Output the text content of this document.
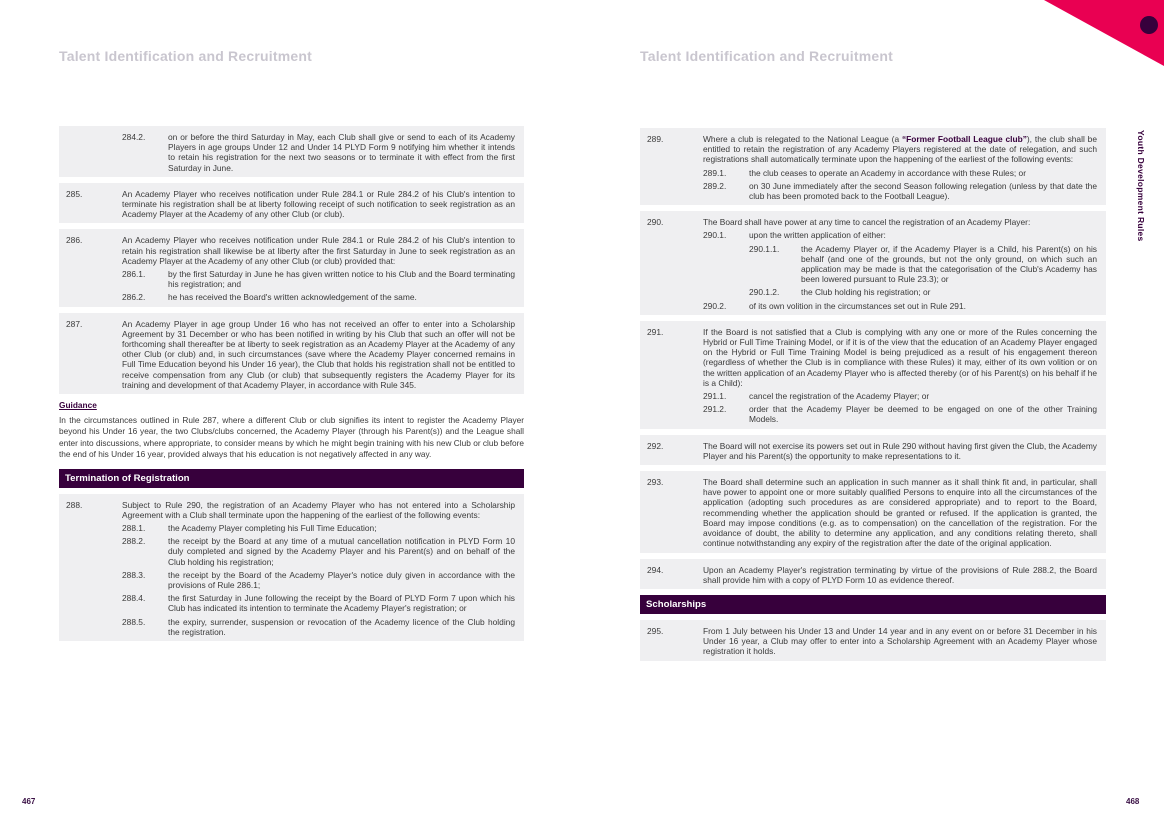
Talent Identification and Recruitment
284.2.	on or before the third Saturday in May, each Club shall give or send to each of its Academy Players in age groups Under 12 and Under 14 PLYD Form 9 notifying him whether it intends to retain his registration for the next two seasons or to terminate it with effect from the first Saturday in June.
285.	An Academy Player who receives notification under Rule 284.1 or Rule 284.2 of his Club's intention to terminate his registration shall be at liberty following receipt of such notification to seek registration as an Academy Player at the Academy of any other Club (or club).
286.	An Academy Player who receives notification under Rule 284.1 or Rule 284.2 of his Club's intention to retain his registration shall likewise be at liberty after the first Saturday in June to seek registration as an Academy Player at the Academy of any other Club (or club) provided that:
286.1.	by the first Saturday in June he has given written notice to his Club and the Board terminating his registration; and
286.2.	he has received the Board's written acknowledgement of the same.
287.	An Academy Player in age group Under 16 who has not received an offer to enter into a Scholarship Agreement by 31 December or who has been notified in writing by his Club that such an offer will not be forthcoming shall thereafter be at liberty to seek registration as an Academy Player at the Academy of any other Club (or club) and, in such circumstances (save where the Academy Player concerned remains in Full Time Education beyond his Under 16 year), the Club that holds his registration shall not be entitled to receive compensation from any Club (or club) that subsequently registers the Academy Player for its training and development of that Academy Player, in accordance with Rule 345.
Guidance
In the circumstances outlined in Rule 287, where a different Club or club signifies its intent to register the Academy Player beyond his Under 16 year, the two Clubs/clubs concerned, the Academy Player (through his Parent(s)) and the League shall enter into discussions, where appropriate, to consider means by which he might begin training with his new Club or club before the end of his Under 16 year, provided always that his education is not negatively affected in any way.
Termination of Registration
288.	Subject to Rule 290, the registration of an Academy Player who has not entered into a Scholarship Agreement with a Club shall terminate upon the happening of the earliest of the following events:
288.1.	the Academy Player completing his Full Time Education;
288.2.	the receipt by the Board at any time of a mutual cancellation notification in PLYD Form 10 duly completed and signed by the Academy Player and his Parent(s) and on behalf of the Club holding his registration;
288.3.	the receipt by the Board of the Academy Player's notice duly given in accordance with the provisions of Rule 286.1;
288.4.	the first Saturday in June following the receipt by the Board of PLYD Form 7 upon which his Club has indicated its intention to terminate the Academy Player's registration; or
288.5.	the expiry, surrender, suspension or revocation of the Academy licence of the Club holding the registration.
467
Talent Identification and Recruitment
Youth Development Rules
289.	Where a club is relegated to the National League (a “Former Football League club”), the club shall be entitled to retain the registration of any Academy Players registered at the date of relegation, and such registrations shall automatically terminate upon the happening of the earliest of the following events:
289.1.	the club ceases to operate an Academy in accordance with these Rules; or
289.2.	on 30 June immediately after the second Season following relegation (unless by that date the club has been promoted back to the Football League).
290.	The Board shall have power at any time to cancel the registration of an Academy Player:
290.1.	upon the written application of either:
290.1.1.	the Academy Player or, if the Academy Player is a Child, his Parent(s) on his behalf (and one of the grounds, but not the only ground, on which such an application may be made is that the categorisation of the Club's Academy has been lowered pursuant to Rule 23.3); or
290.1.2.	the Club holding his registration; or
290.2.	of its own volition in the circumstances set out in Rule 291.
291.	If the Board is not satisfied that a Club is complying with any one or more of the Rules concerning the Hybrid or Full Time Training Model, or if it is of the view that the education of an Academy Player engaged on the Hybrid or Full Time Training Model is being prejudiced as a result of his engagement thereon (regardless of whether the Club is in compliance with these Rules) it may, either of its own volition or on the written application of an Academy Player who is affected thereby (or of his Parent(s) on his behalf if he is a Child):
291.1.	cancel the registration of the Academy Player; or
291.2.	order that the Academy Player be deemed to be engaged on one of the other Training Models.
292.	The Board will not exercise its powers set out in Rule 290 without having first given the Club, the Academy Player and his Parent(s) the opportunity to make representations to it.
293.	The Board shall determine such an application in such manner as it shall think fit and, in particular, shall have power to appoint one or more suitably qualified Persons to enquire into all the circumstances of the application (adopting such procedures as are considered appropriate) and to report to the Board, recommending whether the application should be granted or refused. If the application is granted, the Board may impose conditions (e.g. as to compensation) on the cancellation of the registration. For the avoidance of doubt, the ability to determine any application, and any conditions relating thereto, shall continue notwithstanding any expiry of the registration after the date of the original application.
294.	Upon an Academy Player's registration terminating by virtue of the provisions of Rule 288.2, the Board shall provide him with a copy of PLYD Form 10 as evidence thereof.
Scholarships
295.	From 1 July between his Under 13 and Under 14 year and in any event on or before 31 December in his Under 16 year, a Club may offer to enter into a Scholarship Agreement with an Academy Player whose registration it holds.
468
